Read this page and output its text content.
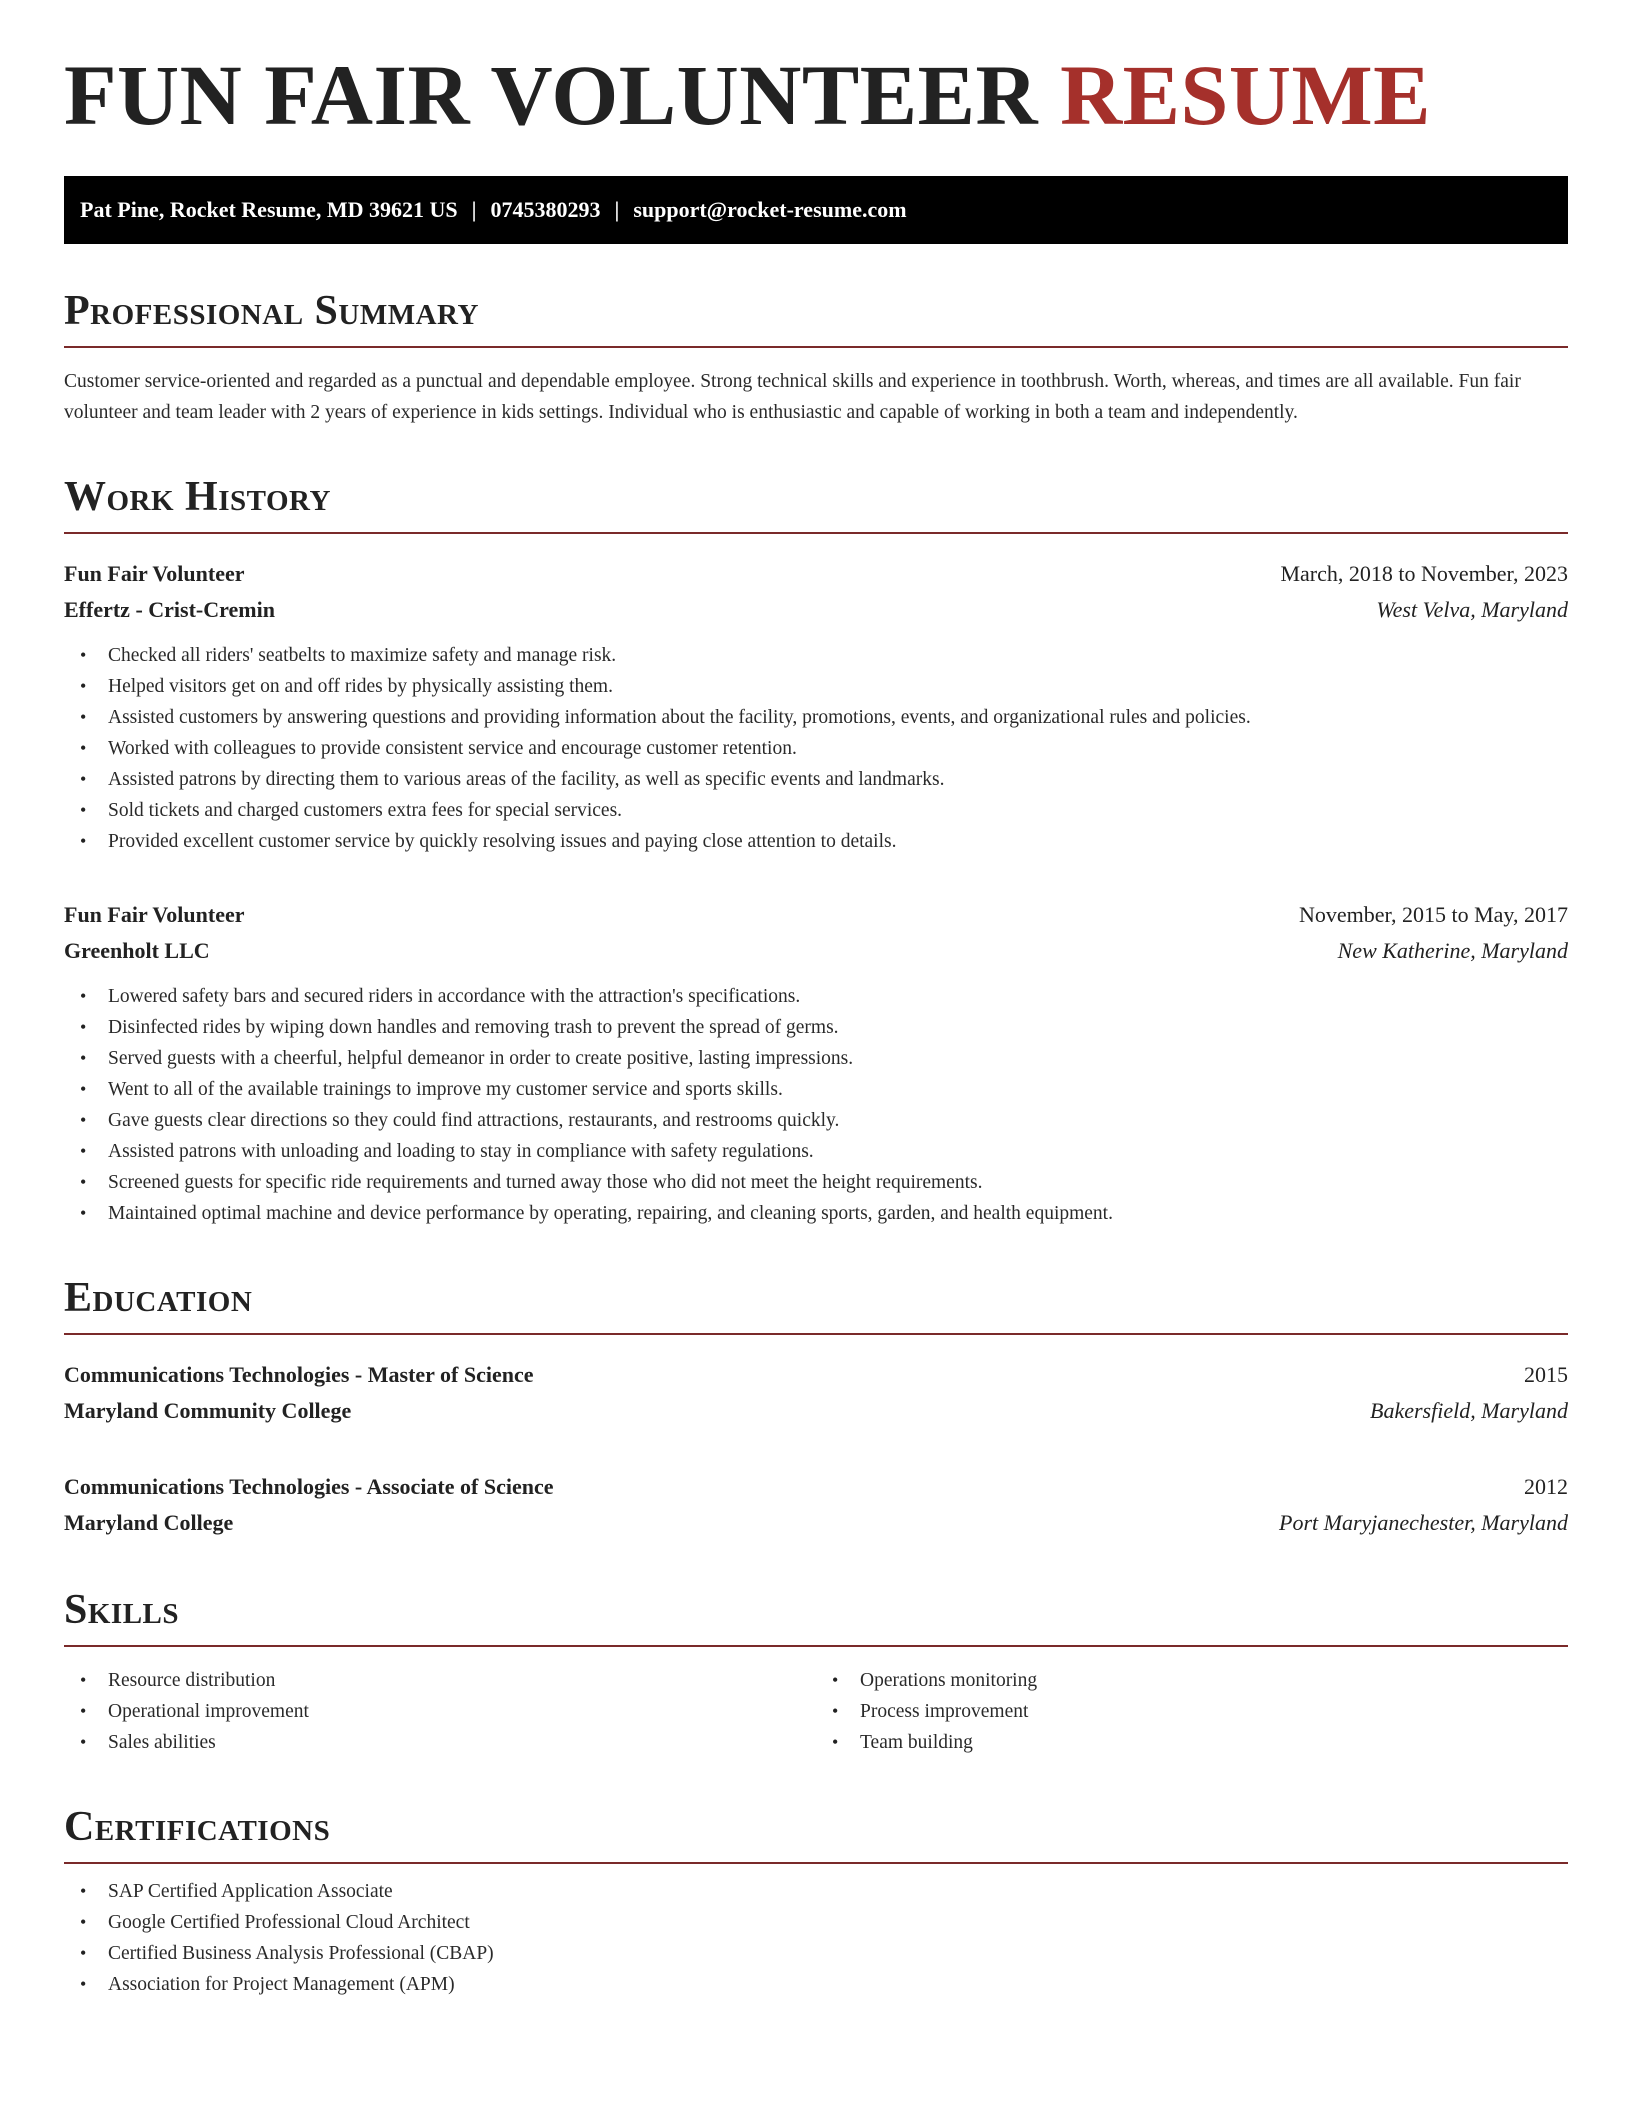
FUN FAIR VOLUNTEER RESUME
Pat Pine, Rocket Resume, MD 39621 US | 0745380293 | support@rocket-resume.com
Professional Summary

Customer service-oriented and regarded as a punctual and dependable employee. Strong technical skills and experience in toothbrush. Worth, whereas, and times are all available. Fun fair volunteer and team leader with 2 years of experience in kids settings. Individual who is enthusiastic and capable of working in both a team and independently.

Work History
Fun Fair Volunteer	March, 2018 to November, 2023
Effertz - Crist-Cremin	West Velva, Maryland
• Checked all riders' seatbelts to maximize safety and manage risk.
• Helped visitors get on and off rides by physically assisting them.
• Assisted customers by answering questions and providing information about the facility, promotions, events, and organizational rules and policies.
• Worked with colleagues to provide consistent service and encourage customer retention.
• Assisted patrons by directing them to various areas of the facility, as well as specific events and landmarks.
• Sold tickets and charged customers extra fees for special services.
• Provided excellent customer service by quickly resolving issues and paying close attention to details.
Fun Fair Volunteer	November, 2015 to May, 2017
Greenholt LLC	New Katherine, Maryland
• Lowered safety bars and secured riders in accordance with the attraction's specifications.
• Disinfected rides by wiping down handles and removing trash to prevent the spread of germs.
• Served guests with a cheerful, helpful demeanor in order to create positive, lasting impressions.
• Went to all of the available trainings to improve my customer service and sports skills.
• Gave guests clear directions so they could find attractions, restaurants, and restrooms quickly.
• Assisted patrons with unloading and loading to stay in compliance with safety regulations.
• Screened guests for specific ride requirements and turned away those who did not meet the height requirements.
• Maintained optimal machine and device performance by operating, repairing, and cleaning sports, garden, and health equipment.
Education
Communications Technologies - Master of Science	2015
Maryland Community College	Bakersfield, Maryland
Communications Technologies - Associate of Science	2012
Maryland College	Port Maryjanechester, Maryland
Skills
• Resource distribution
• Operational improvement
• Sales abilities
• Operations monitoring
• Process improvement
• Team building
Certifications
• SAP Certified Application Associate
• Google Certified Professional Cloud Architect
• Certified Business Analysis Professional (CBAP)
• Association for Project Management (APM)
